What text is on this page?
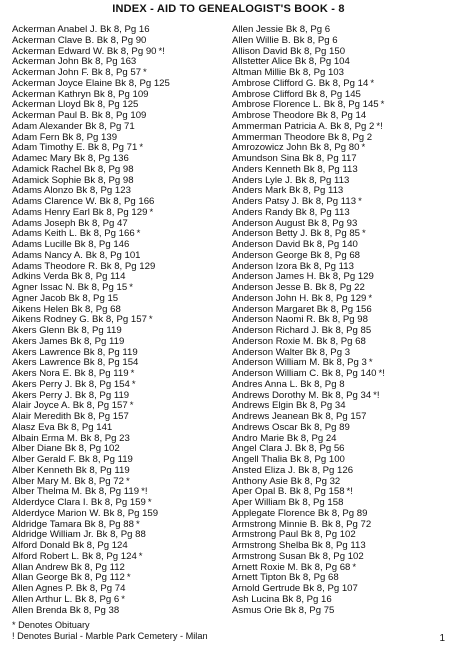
INDEX - AID TO GENEALOGIST'S BOOK - 8
Ackerman Anabel J. Bk 8, Pg 16
Ackerman Clave B. Bk 8, Pg 90
Ackerman Edward W. Bk 8, Pg 90 *!
Ackerman John Bk 8, Pg 163
Ackerman John F. Bk 8, Pg 57 *
Ackerman Joyce Elaine Bk 8, Pg 125
Ackerman Kathryn Bk 8, Pg 109
Ackerman Lloyd Bk 8, Pg 125
Ackerman Paul B. Bk 8, Pg 109
Adam Alexander Bk 8, Pg 71
Adam Fern Bk 8, Pg 139
Adam Timothy E. Bk 8, Pg 71 *
Adamec Mary Bk 8, Pg 136
Adamick Rachel Bk 8, Pg 98
Adamick Sophie Bk 8, Pg 98
Adams Alonzo Bk 8, Pg 123
Adams Clarence W. Bk 8, Pg 166
Adams Henry Earl Bk 8, Pg 129 *
Adams Joseph Bk 8, Pg 47
Adams Keith L. Bk 8, Pg 166 *
Adams Lucille Bk 8, Pg 146
Adams Nancy A. Bk 8, Pg 101
Adams Theodore R. Bk 8, Pg 129
Adkins Verda Bk 8, Pg 114
Agner Issac N. Bk 8, Pg 15 *
Agner Jacob Bk 8, Pg 15
Aikens Helen Bk 8, Pg 68
Aikens Rodney G. Bk 8, Pg 157 *
Akers Glenn Bk 8, Pg 119
Akers James Bk 8, Pg 119
Akers Lawrence Bk 8, Pg 119
Akers Lawrence Bk 8, Pg 154
Akers Nora E. Bk 8, Pg 119 *
Akers Perry J. Bk 8, Pg 154 *
Akers Perry J. Bk 8, Pg 119
Alair Joyce A. Bk 8, Pg 157 *
Alair Meredith Bk 8, Pg 157
Alasz Eva Bk 8, Pg 141
Albain Erma M. Bk 8, Pg 23
Alber Diane Bk 8, Pg 102
Alber Gerald F. Bk 8, Pg 119
Alber Kenneth Bk 8, Pg 119
Alber Mary M. Bk 8, Pg 72 *
Alber Thelma M. Bk 8, Pg 119 *!
Alderdyce Clara I. Bk 8, Pg 159 *
Alderdyce Marion W. Bk 8, Pg 159
Aldridge Tamara Bk 8, Pg 88 *
Aldridge William Jr. Bk 8, Pg 88
Alford Donald Bk 8, Pg 124
Alford Robert L. Bk 8, Pg 124 *
Allan Andrew Bk 8, Pg 112
Allan George Bk 8, Pg 112 *
Allen Agnes P. Bk 8, Pg 74
Allen Arthur L. Bk 8, Pg 6 *
Allen Brenda Bk 8, Pg 38
Allen Jessie Bk 8, Pg 6
Allen Willie B. Bk 8, Pg 6
Allison David Bk 8, Pg 150
Allstetter Alice Bk 8, Pg 104
Altman Millie Bk 8, Pg 103
Ambrose Clifford G. Bk 8, Pg 14 *
Ambrose Clifford Bk 8, Pg 145
Ambrose Florence L. Bk 8, Pg 145 *
Ambrose Theodore Bk 8, Pg 14
Ammerman Patricia A. Bk 8, Pg 2 *!
Ammerman Theodore Bk 8, Pg 2
Amrozowicz John Bk 8, Pg 80 *
Amundson Sina Bk 8, Pg 117
Anders Kenneth Bk 8, Pg 113
Anders Lyle J. Bk 8, Pg 113
Anders Mark Bk 8, Pg 113
Anders Patsy J. Bk 8, Pg 113 *
Anders Randy Bk 8, Pg 113
Anderson August Bk 8, Pg 93
Anderson Betty J. Bk 8, Pg 85 *
Anderson David Bk 8, Pg 140
Anderson George Bk 8, Pg 68
Anderson Izora Bk 8, Pg 113
Anderson James H. Bk 8, Pg 129
Anderson Jesse B. Bk 8, Pg 22
Anderson John H. Bk 8, Pg 129 *
Anderson Margaret Bk 8, Pg 156
Anderson Naomi R. Bk 8, Pg 98
Anderson Richard J. Bk 8, Pg 85
Anderson Roxie M. Bk 8, Pg 68
Anderson Walter Bk 8, Pg 3
Anderson William M. Bk 8, Pg 3 *
Anderson William C. Bk 8, Pg 140 *!
Andres Anna L. Bk 8, Pg 8
Andrews Dorothy M. Bk 8, Pg 34 *!
Andrews Elgin Bk 8, Pg 34
Andrews Jeanean Bk 8, Pg 157
Andrews Oscar Bk 8, Pg 89
Andro Marie Bk 8, Pg 24
Angel Clara J. Bk 8, Pg 56
Angell Thalia Bk 8, Pg 100
Ansted Eliza J. Bk 8, Pg 126
Anthony Asie Bk 8, Pg 32
Aper Opal B. Bk 8, Pg 158 *!
Aper William Bk 8, Pg 158
Applegate Florence Bk 8, Pg 89
Armstrong Minnie B. Bk 8, Pg 72
Armstrong Paul Bk 8, Pg 102
Armstrong Shelba Bk 8, Pg 113
Armstrong Susan Bk 8, Pg 102
Arnett Roxie M. Bk 8, Pg 68 *
Arnett Tipton Bk 8, Pg 68
Arnold Gertrude Bk 8, Pg 107
Ash Lucina Bk 8, Pg 16
Asmus Orie Bk 8, Pg 75
* Denotes Obituary
! Denotes Burial - Marble Park Cemetery - Milan	1
